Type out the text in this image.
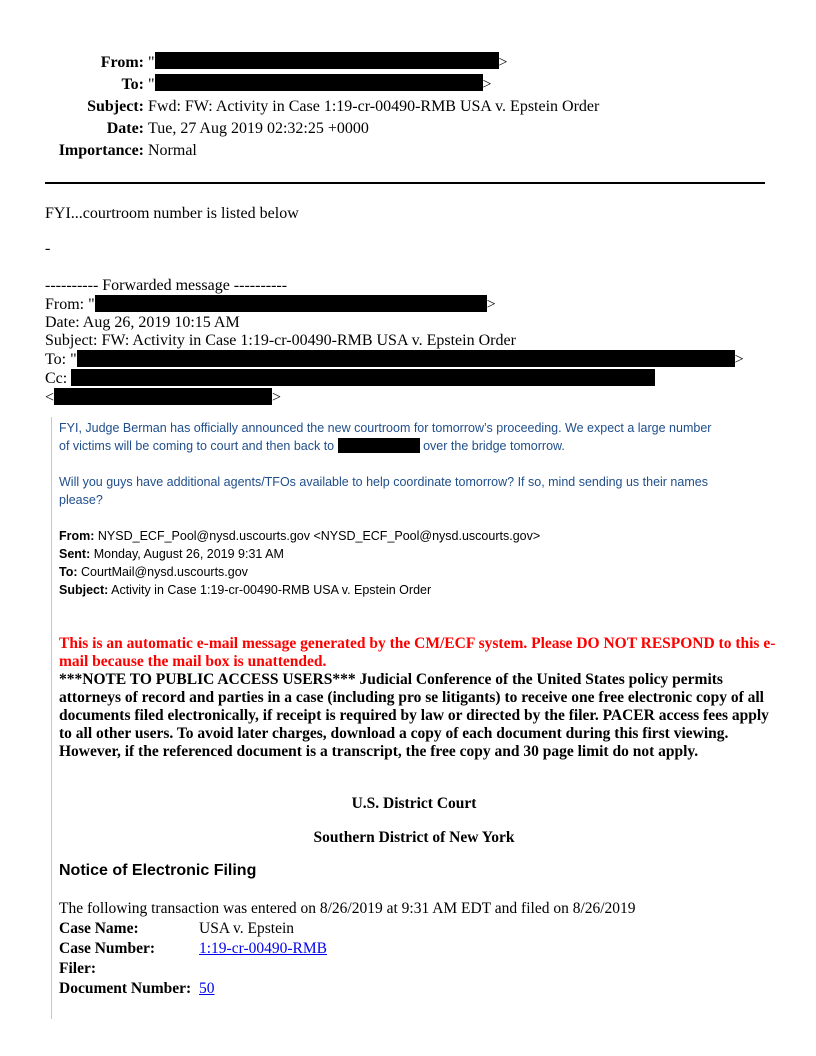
From: "	>
To: "	>
Subject: Fwd: FW: Activity in Case 1:19-cr-00490-RMB USA v. Epstein Order
Date: Tue, 27 Aug 2019 02:32:25 +0000
Importance: Normal
FYI...courtroom number is listed below
-
---------- Forwarded message ----------
From: "	>
Date: Aug 26, 2019 10:15 AM
Subject: FW: Activity in Case 1:19-cr-00490-RMB USA v. Epstein Order
To: "	>
Cc:
<	>
FYI, Judge Berman has officially announced the new courtroom for tomorrow’s proceeding. We expect a large number
of victims will be coming to court and then back to	over the bridge tomorrow.
Will you guys have additional agents/TFOs available to help coordinate tomorrow? If so, mind sending us their names
please?
From: NYSD_ECF_Pool@nysd.uscourts.gov <NYSD_ECF_Pool@nysd.uscourts.gov>
Sent: Monday, August 26, 2019 9:31 AM
To: CourtMail@nysd.uscourts.gov
Subject: Activity in Case 1:19-cr-00490-RMB USA v. Epstein Order
This is an automatic e-mail message generated by the CM/ECF system. Please DO NOT RESPOND to this e-mail because the mail box is unattended.
***NOTE TO PUBLIC ACCESS USERS*** Judicial Conference of the United States policy permits attorneys of record and parties in a case (including pro se litigants) to receive one free electronic copy of all documents filed electronically, if receipt is required by law or directed by the filer. PACER access fees apply to all other users. To avoid later charges, download a copy of each document during this first viewing. However, if the referenced document is a transcript, the free copy and 30 page limit do not apply.
U.S. District Court
Southern District of New York
Notice of Electronic Filing
The following transaction was entered on 8/26/2019 at 9:31 AM EDT and filed on 8/26/2019
Case Name:	USA v. Epstein
Case Number:	1:19-cr-00490-RMB
Filer:
Document Number: 50
